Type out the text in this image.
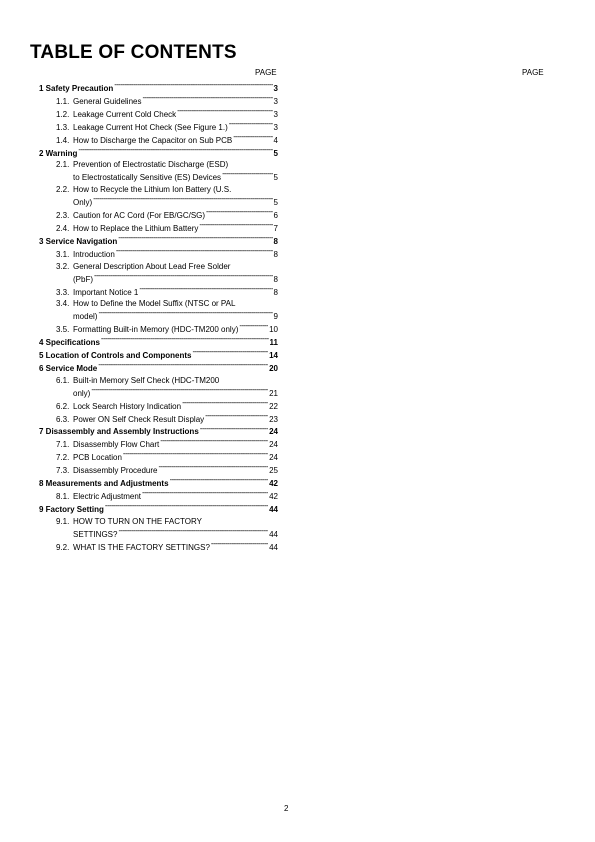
TABLE OF CONTENTS
PAGE	PAGE
1 Safety Precaution -----	3
1.1. General Guidelines -----	3
1.2. Leakage Current Cold Check -----	3
1.3. Leakage Current Hot Check (See Figure 1.) -----	3
1.4. How to Discharge the Capacitor on Sub PCB -----	4
2 Warning -----	5
2.1. Prevention of Electrostatic Discharge (ESD)
to Electrostatically Sensitive (ES) Devices -----	5
2.2. How to Recycle the Lithium Ion Battery (U.S.
Only) -----	5
2.3. Caution for AC Cord (For EB/GC/SG) -----	6
2.4. How to Replace the Lithium Battery -----	7
3 Service Navigation -----	8
3.1. Introduction -----	8
3.2. General Description About Lead Free Solder
(PbF) -----	8
3.3. Important Notice 1 -----	8
3.4. How to Define the Model Suffix (NTSC or PAL
model) -----	9
3.5. Formatting Built-in Memory (HDC-TM200 only) -----	10
4 Specifications -----	11
5 Location of Controls and Components -----	14
6 Service Mode -----	20
6.1. Built-in Memory Self Check (HDC-TM200
only) -----	21
6.2. Lock Search History Indication -----	22
6.3. Power ON Self Check Result Display -----	23
7 Disassembly and Assembly Instructions -----	24
7.1. Disassembly Flow Chart -----	24
7.2. PCB Location -----	24
7.3. Disassembly Procedure -----	25
8 Measurements and Adjustments -----	42
8.1. Electric Adjustment -----	42
9 Factory Setting -----	44
9.1. HOW TO TURN ON THE FACTORY
SETTINGS? -----	44
9.2. WHAT IS THE FACTORY SETTINGS? -----	44
2
